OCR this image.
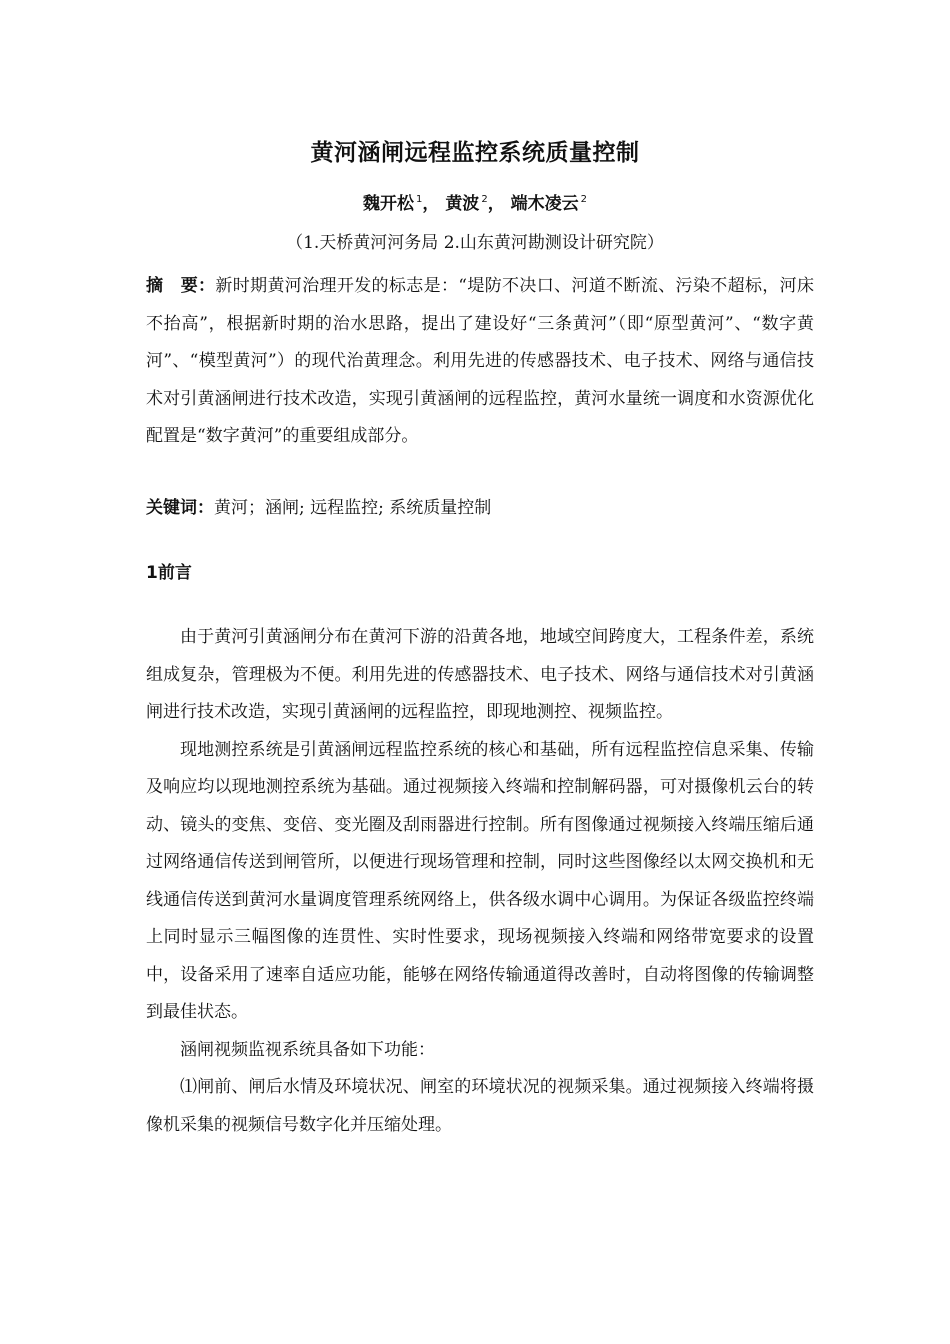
黄河涵闸远程监控系统质量控制
魏开松 $^1$， 黄波 $^2$， 端木凌云 $^2$
（1.天桥黄河河务局 2.山东黄河勘测设计研究院）
摘　要：新时期黄河治理开发的标志是：“堤防不决口、河道不断流、污染不超标，河床不抬高”，根据新时期的治水思路，提出了建设好“三条黄河”（即“原型黄河”、“数字黄河”、“模型黄河”）的现代治黄理念。利用先进的传感器技术、电子技术、网络与通信技术对引黄涵闸进行技术改造，实现引黄涵闸的远程监控，黄河水量统一调度和水资源优化配置是“数字黄河”的重要组成部分。
关键词：黄河；涵闸; 远程监控; 系统质量控制
1前言

由于黄河引黄涵闸分布在黄河下游的沿黄各地，地域空间跨度大，工程条件差，系统组成复杂，管理极为不便。利用先进的传感器技术、电子技术、网络与通信技术对引黄涵闸进行技术改造，实现引黄涵闸的远程监控，即现地测控、视频监控。

现地测控系统是引黄涵闸远程监控系统的核心和基础，所有远程监控信息采集、传输及响应均以现地测控系统为基础。通过视频接入终端和控制解码器，可对摄像机云台的转动、镜头的变焦、变倍、变光圈及刮雨器进行控制。所有图像通过视频接入终端压缩后通过网络通信传送到闸管所，以便进行现场管理和控制，同时这些图像经以太网交换机和无线通信传送到黄河水量调度管理系统网络上，供各级水调中心调用。为保证各级监控终端上同时显示三幅图像的连贯性、实时性要求，现场视频接入终端和网络带宽要求的设置中，设备采用了速率自适应功能，能够在网络传输通道得改善时，自动将图像的传输调整到最佳状态。

涵闸视频监视系统具备如下功能：

⑴闸前、闸后水情及环境状况、闸室的环境状况的视频采集。通过视频接入终端将摄像机采集的视频信号数字化并压缩处理。
